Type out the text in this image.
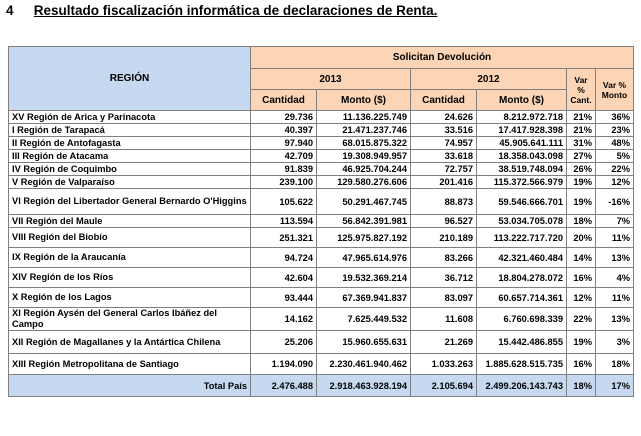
4 Resultado fiscalización informática de declaraciones de Renta.
REGIÓN	Solicitan Devolución					
	2013		2012		Var % Cant.	Var % Monto
	Cantidad	Monto ($)	Cantidad	Monto ($)		
XV Región de Arica y Parinacota	29.736	11.136.225.749	24.626	8.212.972.718	21%	36%
I Región de Tarapacá	40.397	21.471.237.746	33.516	17.417.928.398	21%	23%
II Región de Antofagasta	97.940	68.015.875.322	74.957	45.905.641.111	31%	48%
III Región de Atacama	42.709	19.308.949.957	33.618	18.358.043.098	27%	5%
IV Región de Coquimbo	91.839	46.925.704.244	72.757	38.519.748.094	26%	22%
V Región de Valparaíso	239.100	129.580.276.606	201.416	115.372.566.979	19%	12%
VI Región del Libertador General Bernardo O'Higgins	105.622	50.291.467.745	88.873	59.546.666.701	19%	-16%
VII Región del Maule	113.594	56.842.391.981	96.527	53.034.705.078	18%	7%
VIII Región del Biobío	251.321	125.975.827.192	210.189	113.222.717.720	20%	11%
IX Región de la Araucanía	94.724	47.965.614.976	83.266	42.321.460.484	14%	13%
XIV Región de los Ríos	42.604	19.532.369.214	36.712	18.804.278.072	16%	4%
X Región de los Lagos	93.444	67.369.941.837	83.097	60.657.714.361	12%	11%
XI Región Aysén del General Carlos Ibáñez del Campo	14.162	7.625.449.532	11.608	6.760.698.339	22%	13%
XII Región de Magallanes y la Antártica Chilena	25.206	15.960.655.631	21.269	15.442.486.855	19%	3%
XIII Región Metropolitana de Santiago	1.194.090	2.230.461.940.462	1.033.263	1.885.628.515.735	16%	18%
Total País	2.476.488	2.918.463.928.194	2.105.694	2.499.206.143.743	18%	17%
